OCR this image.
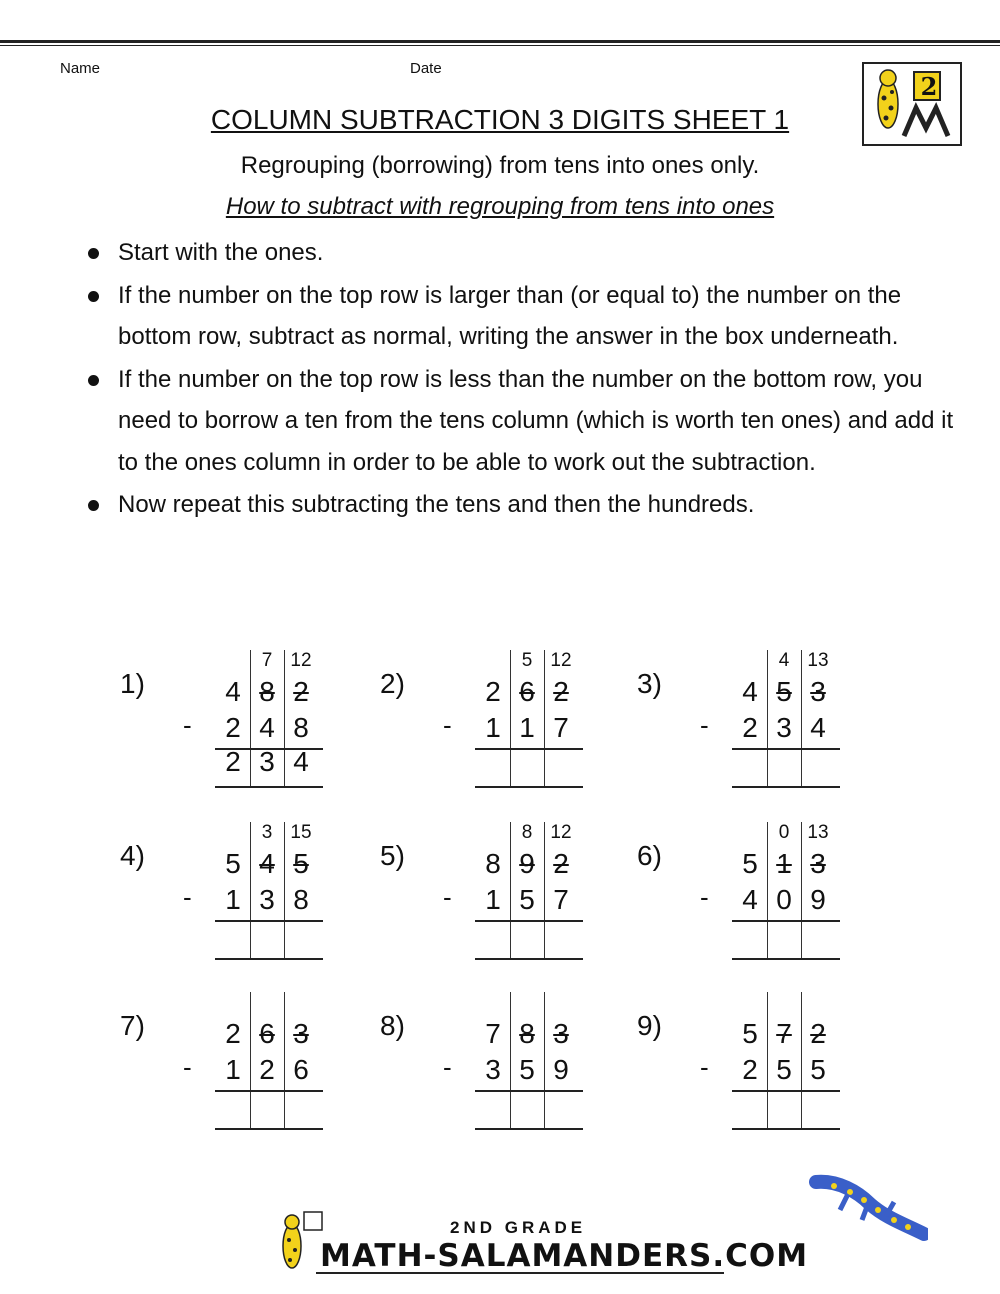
Name	Date
2
COLUMN SUBTRACTION 3 DIGITS SHEET 1
Regrouping (borrowing) from tens into ones only.
How to subtract with regrouping from tens into ones
Start with the ones.
If the number on the top row is larger than (or equal to) the number on the bottom row, subtract as normal, writing the answer in the box underneath.
If the number on the top row is less than the number on the bottom row, you need to borrow a ten from the tens column (which is worth ten ones) and add it to the ones column in order to be able to work out the subtraction.
Now repeat this subtracting the tens and then the hundreds.
1)
-
4
2
2
7
8
4
3
12
2
8
4
2)
-
2
1
5
6
1
12
2
7
3)
-
4
2
4
5
3
13
3
4
4)
-
5
1
3
4
3
15
5
8
5)
-
8
1
8
9
5
12
2
7
6)
-
5
4
0
1
0
13
3
9
7)
-
2
1
6
2
3
6
8)
-
7
3
8
5
3
9
9)
-
5
2
7
5
2
5
2ND GRADE
MATH-SALAMANDERS.COM
